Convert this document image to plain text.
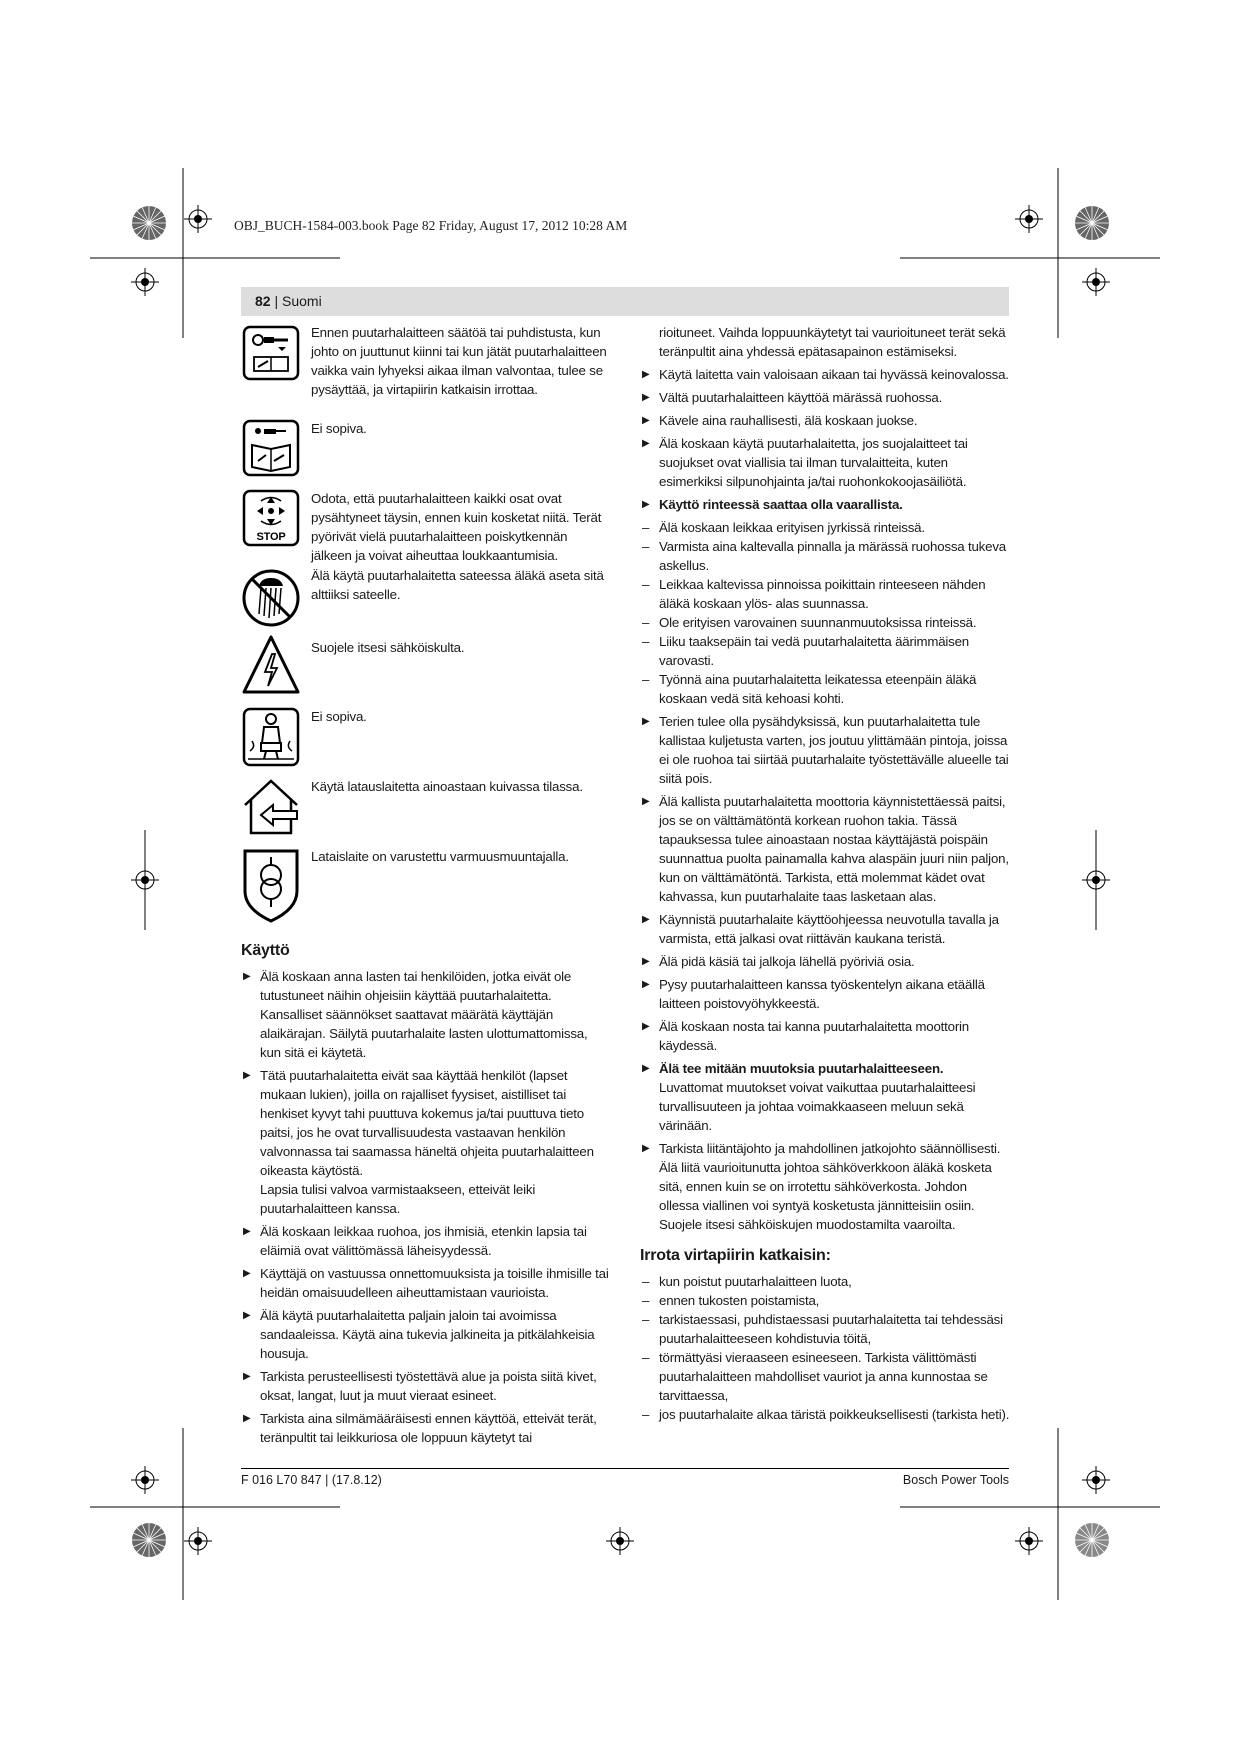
OBJ_BUCH-1584-003.book Page 82 Friday, August 17, 2012 10:28 AM
82 | Suomi
Ennen puutarhalaitteen säätöä tai puhdistusta, kun johto on juuttunut kiinni tai kun jätät puutarhalaitteen vaikka vain lyhyeksi aikaa ilman valvontaa, tulee se pysäyttää, ja virtapiirin katkaisin irrottaa.
Ei sopiva.
STOP
Odota, että puutarhalaitteen kaikki osat ovat pysähtyneet täysin, ennen kuin kosketat niitä. Terät pyörivät vielä puutarhalaitteen poiskytkennän jälkeen ja voivat aiheuttaa loukkaantumisia.
Älä käytä puutarhalaitetta sateessa äläkä aseta sitä alttiiksi sateelle.
Suojele itsesi sähköiskulta.
Ei sopiva.
Käytä latauslaitetta ainoastaan kuivassa tilassa.
Lataislaite on varustettu varmuusmuuntajalla.
Käyttö
▶ Älä koskaan anna lasten tai henkilöiden, jotka eivät ole tutustuneet näihin ohjeisiin käyttää puutarhalaitetta. Kansalliset säännökset saattavat määrätä käyttäjän alaikärajan. Säilytä puutarhalaite lasten ulottumattomissa, kun sitä ei käytetä.
▶ Tätä puutarhalaitetta eivät saa käyttää henkilöt (lapset mukaan lukien), joilla on rajalliset fyysiset, aistilliset tai henkiset kyvyt tahi puuttuva kokemus ja/tai puuttuva tieto paitsi, jos he ovat turvallisuudesta vastaavan henkilön valvonnassa tai saamassa häneltä ohjeita puutarhalaitteen oikeasta käytöstä.
Lapsia tulisi valvoa varmistaakseen, etteivät leiki puutarhalaitteen kanssa.
▶ Älä koskaan leikkaa ruohoa, jos ihmisiä, etenkin lapsia tai eläimiä ovat välittömässä läheisyydessä.
▶ Käyttäjä on vastuussa onnettomuuksista ja toisille ihmisille tai heidän omaisuudelleen aiheuttamistaan vaurioista.
▶ Älä käytä puutarhalaitetta paljain jaloin tai avoimissa sandaaleissa. Käytä aina tukevia jalkineita ja pitkälahkeisia housuja.
▶ Tarkista perusteellisesti työstettävä alue ja poista siitä kivet, oksat, langat, luut ja muut vieraat esineet.
▶ Tarkista aina silmämääräisesti ennen käyttöä, etteivät terät, teränpultit tai leikkuriosa ole loppuun käytetyt tai
rioituneet. Vaihda loppuunkäytetyt tai vaurioituneet terät sekä teränpultit aina yhdessä epätasapainon estämiseksi.
▶ Käytä laitetta vain valoisaan aikaan tai hyvässä keinovalossa.
▶ Vältä puutarhalaitteen käyttöä märässä ruohossa.
▶ Kävele aina rauhallisesti, älä koskaan juokse.
▶ Älä koskaan käytä puutarhalaitetta, jos suojalaitteet tai suojukset ovat viallisia tai ilman turvalaitteita, kuten esimerkiksi silpunohjainta ja/tai ruohonkokoojasäiliötä.
▶ Käyttö rinteessä saattaa olla vaarallista.
– Älä koskaan leikkaa erityisen jyrkissä rinteissä.
– Varmista aina kaltevalla pinnalla ja märässä ruohossa tukeva askellus.
– Leikkaa kaltevissa pinnoissa poikittain rinteeseen nähden äläkä koskaan ylös- alas suunnassa.
– Ole erityisen varovainen suunnanmuutoksissa rinteissä.
– Liiku taaksepäin tai vedä puutarhalaitetta äärimmäisen varovasti.
– Työnnä aina puutarhalaitetta leikatessa eteenpäin äläkä koskaan vedä sitä kehoasi kohti.
▶ Terien tulee olla pysähdyksissä, kun puutarhalaitetta tule kallistaa kuljetusta varten, jos joutuu ylittämään pintoja, joissa ei ole ruohoa tai siirtää puutarhalaite työstettävälle alueelle tai siitä pois.
▶ Älä kallista puutarhalaitetta moottoria käynnistettäessä paitsi, jos se on välttämätöntä korkean ruohon takia. Tässä tapauksessa tulee ainoastaan nostaa käyttäjästä poispäin suunnattua puolta painamalla kahva alaspäin juuri niin paljon, kun on välttämätöntä. Tarkista, että molemmat kädet ovat kahvassa, kun puutarhalaite taas lasketaan alas.
▶ Käynnistä puutarhalaite käyttöohjeessa neuvotulla tavalla ja varmista, että jalkasi ovat riittävän kaukana teristä.
▶ Älä pidä käsiä tai jalkoja lähellä pyöriviä osia.
▶ Pysy puutarhalaitteen kanssa työskentelyn aikana etäällä laitteen poistovyöhykkeestä.
▶ Älä koskaan nosta tai kanna puutarhalaitetta moottorin käydessä.
▶ Älä tee mitään muutoksia puutarhalaitteeseen. Luvattomat muutokset voivat vaikuttaa puutarhalaitteesi turvallisuuteen ja johtaa voimakkaaseen meluun sekä värinään.
▶ Tarkista liitäntäjohto ja mahdollinen jatkojohto säännöllisesti. Älä liitä vaurioitunutta johtoa sähköverkkoon äläkä kosketa sitä, ennen kuin se on irrotettu sähköverkosta. Johdon ollessa viallinen voi syntyä kosketusta jännitteisiin osiin. Suojele itsesi sähköiskujen muodostamilta vaaroilta.
Irrota virtapiirin katkaisin:
– kun poistut puutarhalaitteen luota,
– ennen tukosten poistamista,
– tarkistaessasi, puhdistaessasi puutarhalaitetta tai tehdessäsi puutarhalaitteeseen kohdistuvia töitä,
– törmättyäsi vieraaseen esineeseen. Tarkista välittömästi puutarhalaitteen mahdolliset vauriot ja anna kunnostaa se tarvittaessa,
– jos puutarhalaite alkaa täristä poikkeuksellisesti (tarkista heti).
F 016 L70 847 | (17.8.12)	Bosch Power Tools
